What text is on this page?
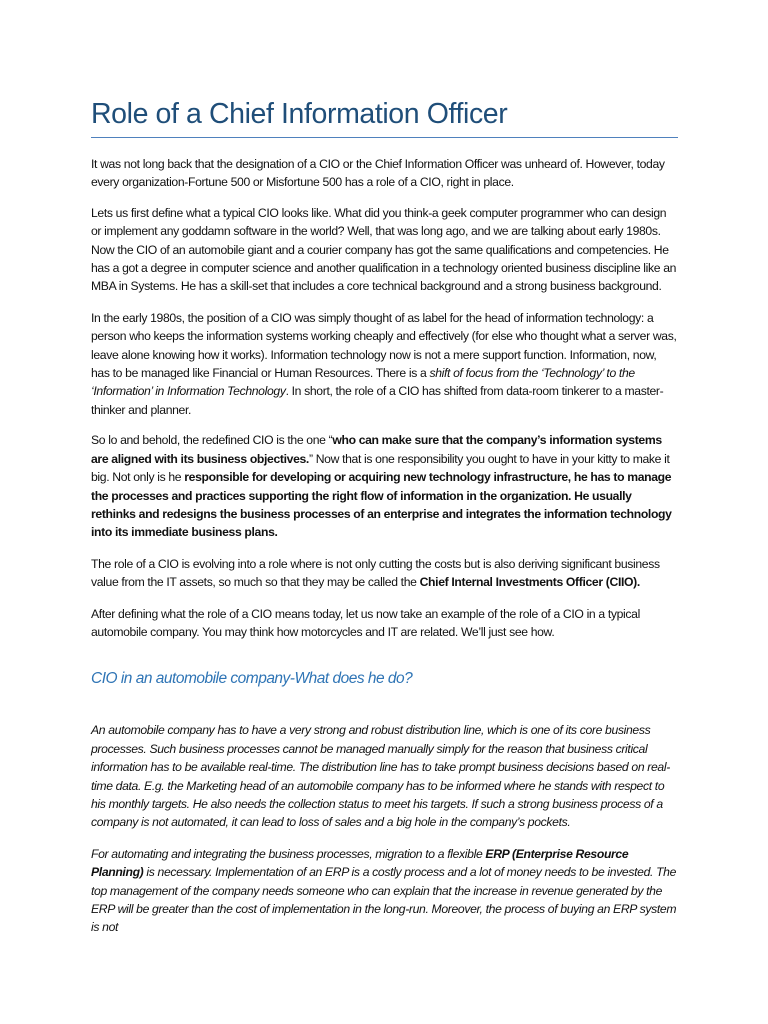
Role of a Chief Information Officer

It was not long back that the designation of a CIO or the Chief Information Officer was unheard of. However, today every organization-Fortune 500 or Misfortune 500 has a role of a CIO, right in place.

Lets us first define what a typical CIO looks like. What did you think-a geek computer programmer who can design or implement any goddamn software in the world? Well, that was long ago, and we are talking about early 1980s. Now the CIO of an automobile giant and a courier company has got the same qualifications and competencies. He has a got a degree in computer science and another qualification in a technology oriented business discipline like an MBA in Systems. He has a skill-set that includes a core technical background and a strong business background.

In the early 1980s, the position of a CIO was simply thought of as label for the head of information technology: a person who keeps the information systems working cheaply and effectively (for else who thought what a server was, leave alone knowing how it works). Information technology now is not a mere support function. Information, now, has to be managed like Financial or Human Resources. There is a shift of focus from the ‘Technology’ to the ‘Information’ in Information Technology. In short, the role of a CIO has shifted from data-room tinkerer to a master-thinker and planner.

So lo and behold, the redefined CIO is the one “who can make sure that the company’s information systems are aligned with its business objectives.” Now that is one responsibility you ought to have in your kitty to make it big. Not only is he responsible for developing or acquiring new technology infrastructure, he has to manage the processes and practices supporting the right flow of information in the organization. He usually rethinks and redesigns the business processes of an enterprise and integrates the information technology into its immediate business plans.

The role of a CIO is evolving into a role where is not only cutting the costs but is also deriving significant business value from the IT assets, so much so that they may be called the Chief Internal Investments Officer (CIIO).

After defining what the role of a CIO means today, let us now take an example of the role of a CIO in a typical automobile company. You may think how motorcycles and IT are related. We’ll just see how.

CIO in an automobile company-What does he do?

An automobile company has to have a very strong and robust distribution line, which is one of its core business processes. Such business processes cannot be managed manually simply for the reason that business critical information has to be available real-time. The distribution line has to take prompt business decisions based on real-time data. E.g. the Marketing head of an automobile company has to be informed where he stands with respect to his monthly targets. He also needs the collection status to meet his targets. If such a strong business process of a company is not automated, it can lead to loss of sales and a big hole in the company’s pockets.

For automating and integrating the business processes, migration to a flexible ERP (Enterprise Resource Planning) is necessary. Implementation of an ERP is a costly process and a lot of money needs to be invested. The top management of the company needs someone who can explain that the increase in revenue generated by the ERP will be greater than the cost of implementation in the long-run. Moreover, the process of buying an ERP system is not
